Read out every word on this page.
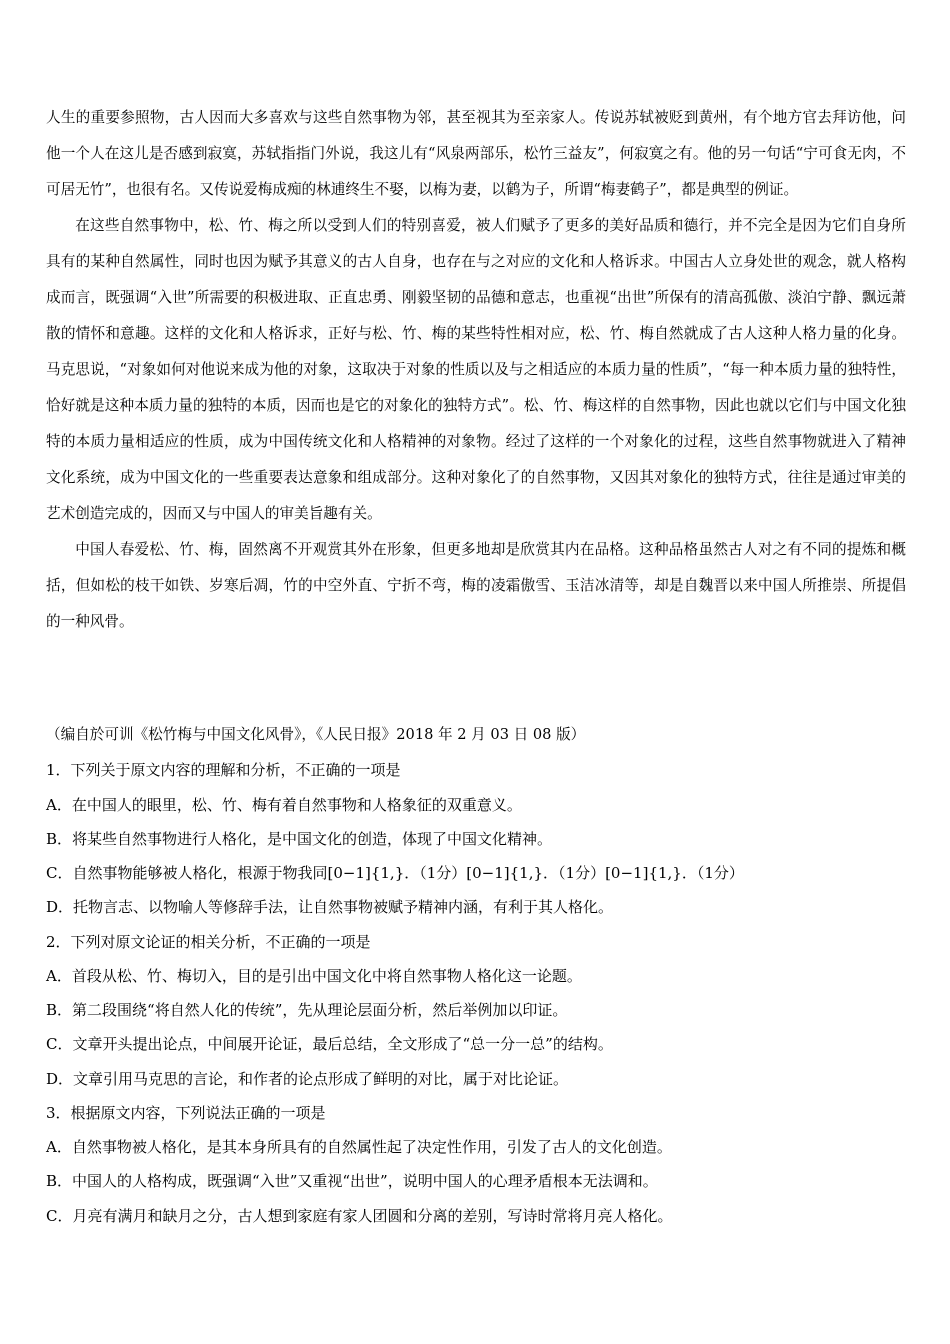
人生的重要参照物，古人因而大多喜欢与这些自然事物为邻，甚至视其为至亲家人。传说苏轼被贬到黄州，有个地方官去拜访他，问他一个人在这儿是否感到寂寞，苏轼指指门外说，我这儿有“风泉两部乐，松竹三益友”，何寂寞之有。他的另一句话“宁可食无肉，不可居无竹”，也很有名。又传说爱梅成痴的林逋终生不娶，以梅为妻，以鹤为子，所谓“梅妻鹤子”，都是典型的例证。

在这些自然事物中，松、竹、梅之所以受到人们的特别喜爱，被人们赋予了更多的美好品质和德行，并不完全是因为它们自身所具有的某种自然属性，同时也因为赋予其意义的古人自身，也存在与之对应的文化和人格诉求。中国古人立身处世的观念，就人格构成而言，既强调“入世”所需要的积极进取、正直忠勇、刚毅坚韧的品德和意志，也重视“出世”所保有的清高孤傲、淡泊宁静、飘远萧散的情怀和意趣。这样的文化和人格诉求，正好与松、竹、梅的某些特性相对应，松、竹、梅自然就成了古人这种人格力量的化身。马克思说，“对象如何对他说来成为他的对象，这取决于对象的性质以及与之相适应的本质力量的性质”，“每一种本质力量的独特性，恰好就是这种本质力量的独特的本质，因而也是它的对象化的独特方式”。松、竹、梅这样的自然事物，因此也就以它们与中国文化独特的本质力量相适应的性质，成为中国传统文化和人格精神的对象物。经过了这样的一个对象化的过程，这些自然事物就进入了精神文化系统，成为中国文化的一些重要表达意象和组成部分。这种对象化了的自然事物，又因其对象化的独特方式，往往是通过审美的艺术创造完成的，因而又与中国人的审美旨趣有关。

中国人春爱松、竹、梅，固然离不开观赏其外在形象，但更多地却是欣赏其内在品格。这种品格虽然古人对之有不同的提炼和概括，但如松的枝干如铁、岁寒后凋，竹的中空外直、宁折不弯，梅的凌霜傲雪、玉洁冰清等，却是自魏晋以来中国人所推崇、所提倡的一种风骨。

（编自於可训《松竹梅与中国文化风骨》，《人民日报》2018 年 2 月 03 日 08 版）
1．下列关于原文内容的理解和分析，不正确的一项是
A．在中国人的眼里，松、竹、梅有着自然事物和人格象征的双重意义。
B．将某些自然事物进行人格化，是中国文化的创造，体现了中国文化精神。
C．自然事物能够被人格化，根源于物我同[0−1]{1,}．（1分）[0−1]{1,}．（1分）[0−1]{1,}．（1分）
D．托物言志、以物喻人等修辞手法，让自然事物被赋予精神内涵，有利于其人格化。
2．下列对原文论证的相关分析，不正确的一项是
A．首段从松、竹、梅切入，目的是引出中国文化中将自然事物人格化这一论题。
B．第二段围绕“将自然人化的传统”，先从理论层面分析，然后举例加以印证。
C．文章开头提出论点，中间展开论证，最后总结，全文形成了“总一分一总”的结构。
D．文章引用马克思的言论，和作者的论点形成了鲜明的对比，属于对比论证。
3．根据原文内容，下列说法正确的一项是
A．自然事物被人格化，是其本身所具有的自然属性起了决定性作用，引发了古人的文化创造。
B．中国人的人格构成，既强调“入世”又重视“出世”，说明中国人的心理矛盾根本无法调和。
C．月亮有满月和缺月之分，古人想到家庭有家人团圆和分离的差别，写诗时常将月亮人格化。
